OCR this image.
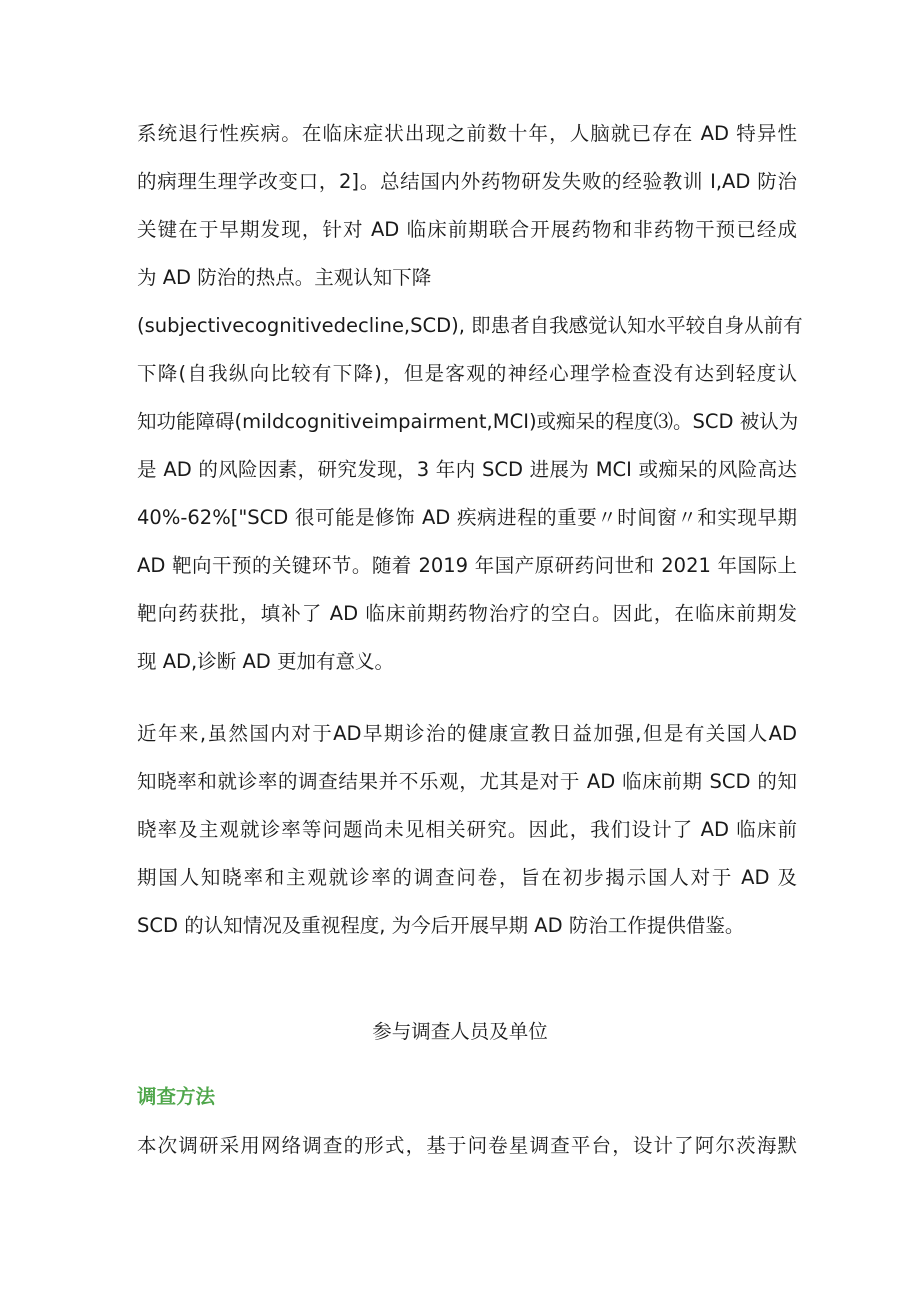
系统退行性疾病。在临床症状出现之前数十年，人脑就已存在 AD 特异性
的病理生理学改变口，2]。总结国内外药物研发失败的经验教训 I,AD 防治
关键在于早期发现，针对 AD 临床前期联合开展药物和非药物干预已经成
为 AD 防治的热点。主观认知下降
(subjectivecognitivedecline,SCD), 即患者自我感觉认知水平较自身从前有
下降(自我纵向比较有下降)，但是客观的神经心理学检查没有达到轻度认
知功能障碍(mildcognitiveimpairment,MCI)或痴呆的程度⑶。SCD 被认为
是 AD 的风险因素，研究发现，3 年内 SCD 进展为 MCI 或痴呆的风险高达
40%-62%["SCD 很可能是修饰 AD 疾病进程的重要〃时间窗〃和实现早期
AD 靶向干预的关键环节。随着 2019 年国产原研药问世和 2021 年国际上
靶向药获批，填补了 AD 临床前期药物治疗的空白。因此，在临床前期发
现 AD,诊断 AD 更加有意义。
近年来,虽然国内对于AD早期诊治的健康宣教日益加强,但是有关国人AD
知晓率和就诊率的调查结果并不乐观，尤其是对于 AD 临床前期 SCD 的知
晓率及主观就诊率等问题尚未见相关研究。因此，我们设计了 AD 临床前
期国人知晓率和主观就诊率的调查问卷，旨在初步揭示国人对于 AD 及
SCD 的认知情况及重视程度, 为今后开展早期 AD 防治工作提供借鉴。
参与调查人员及单位
调查方法
本次调研采用网络调查的形式，基于问卷星调查平台，设计了阿尔茨海默
